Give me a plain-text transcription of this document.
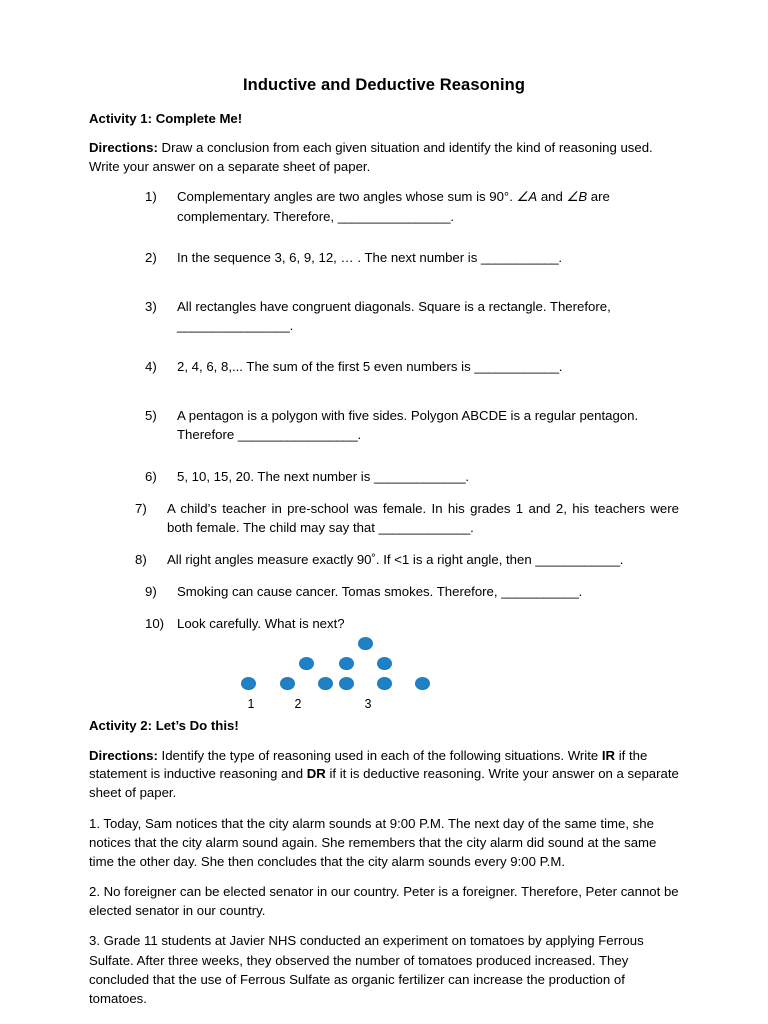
Inductive and Deductive Reasoning
Activity 1: Complete Me!

Directions: Draw a conclusion from each given situation and identify the kind of reasoning used. Write your answer on a separate sheet of paper.

1)	Complementary angles are two angles whose sum is 90°. ∠A and ∠B are complementary. Therefore, ________________.
2)	In the sequence 3, 6, 9, 12, … . The next number is ___________.
3)	All rectangles have congruent diagonals. Square is a rectangle. Therefore, ________________.
4)	2, 4, 6, 8,... The sum of the first 5 even numbers is ____________.
5)	A pentagon is a polygon with five sides. Polygon ABCDE is a regular pentagon. Therefore _________________.
6)	5, 10, 15, 20. The next number is _____________.
7)	A child’s teacher in pre-school was female. In his grades 1 and 2, his teachers were both female. The child may say that _____________.
8)	All right angles measure exactly 90˚. If <1 is a right angle, then ____________.
9)	Smoking can cause cancer. Tomas smokes. Therefore, ___________.
10) Look carefully. What is next?
1	2	3
Activity 2: Let’s Do this!

Directions: Identify the type of reasoning used in each of the following situations. Write IR if the statement is inductive reasoning and DR if it is deductive reasoning. Write your answer on a separate sheet of paper.

1. Today, Sam notices that the city alarm sounds at 9:00 P.M. The next day of the same time, she notices that the city alarm sound again. She remembers that the city alarm did sound at the same time the other day. She then concludes that the city alarm sounds every 9:00 P.M.

2. No foreigner can be elected senator in our country. Peter is a foreigner. Therefore, Peter cannot be elected senator in our country.

3. Grade 11 students at Javier NHS conducted an experiment on tomatoes by applying Ferrous Sulfate. After three weeks, they observed the number of tomatoes produced increased. They concluded that the use of Ferrous Sulfate as organic fertilizer can increase the production of tomatoes.
